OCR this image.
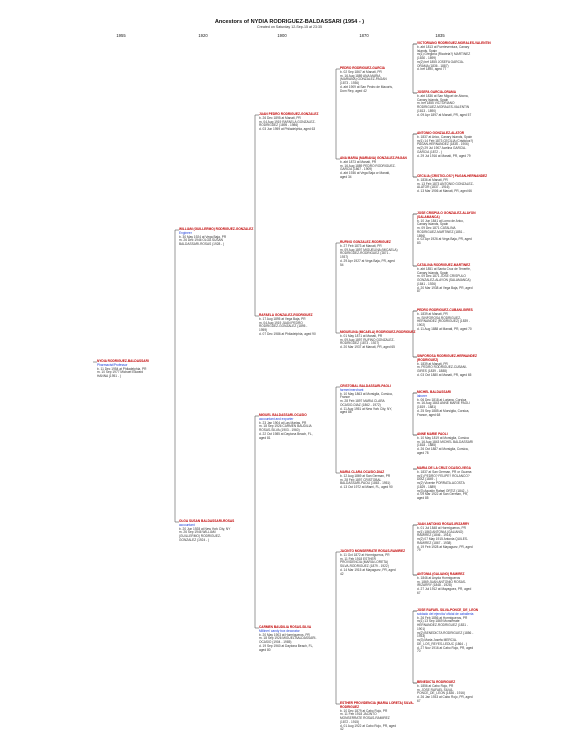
Ancestors of NYDIA RODRIGUEZ-BALDASSARI (1954 - )
Created on Saturday 12-Sep-15 at 23:35
1955	1920	1900	1870	1835
NYDIA RODRIGUEZ-BALDASSARI
Pharmacist/Professor
b. 11 Dec 1954 at Philadelphia, PR
m. 10 Sep 1977 Michael Edward
HANNA (1951 - )
WILLIAM (GUILLERMO) RODRIGUEZ-GONZALEZ
Engineer
b. 30 May 1924 at Vega Baja, PR
m. 26 Dec 1946 OLGA SUSAN
BALDASSARI-ROSAS (1928 - )
OLGA SUSAN BALDASSARI-ROSAS
accountant
b. 20 Jun 1928 at New York City, NY
m. 26 Sep 1946 WILLIAM
(GUILLERMO) RODRIGUEZ-
GONZALEZ (1924 - )
JUAN PEDRO RODRIGUEZ-GONZALEZ
b. 26 Dec 1895 at Manati, PR
m. 04 Aug 1919 RAFAELA GONZALEZ-
RODRIGUEZ (1895 - 1986)
d. 03 Jun 1959 at Philadelphia, aged 63
RAFAELA GONZALEZ-RODRIGUEZ
b. 17 Aug 1895 at Vega Baja, PR
m. 04 Aug 1919 JUAN PEDRO
RODRIGUEZ-GONZALEZ (1895 -
1959)
d. 07 Dec 1986 at Philadelphia, aged 90
MIGUEL BALDASSARI-OCASIO
accountant and exporter
b. 23 Jan 1904 at Las Marias, PR
m. 18 Sep 1926 CARMEN BAUDILIA
ROSAS-SILVA (1903 - 1960)
d. 22 Oct 1985 at Daytona Beach, FL,
aged 81
CARMEN BAUDILIA ROSAS-SILVA
Milliner/ candy box decorator
b. 20 May 1903 at Hormigueros, PR
m. 18 Sep 1926 MIGUEL BALDASSARI-
OCASIO (1904 - 1985)
d. 19 Sep 1960 at Daytona Beach, FL,
aged 80
PEDRO RODRIGUEZ-GARCIA
b. 02 Sep 1867 at Manati, PR
m. 16 Aug 1889 ANA MARIA
(MARIANA) GONZALEZ-PAGAN
(1873 - 1936)
d. abt 1909 at San Pedro de Macoris,
Dom Rep, aged 42
ANA MARIA (MARIANA) GONZALEZ-PAGAN
b. abt 1873 at Manati, PR
m. 16 Aug 1889 PEDRO RODRIGUEZ-
GARCIA (1867 - 1909)
d. abt 1936 at Vega Baja or Manati,
aged 34
RUFINO GONZALEZ-RODRIGUEZ
b. 27 Feb 1873 at Manati, PR
m. 09 Aug 1897 MIGUELINA (MICAELA)
RODRIGUEZ-RODRIGUEZ (1871 -
1937)
d. 29 Apr 1927 at Vega Baja, PR, aged
54
MIGUELINA (MICAELA) RODRIGUEZ-RODRIGUEZ
b. 01 May 1871 at Manati, PR
m. 09 Aug 1897 RUFINO GONZALEZ-
RODRIGUEZ (1873 - 1927)
d. 20 Mar 1937 at Manati, PR, aged 65
CRISTOBAL BALDASSARI-PAOLI
farmer/merchant
b. 10 May 1863 at Morsiglia, Corsica,
France
m. 28 Feb 1897 MARIA CLARA
OCASIO-DIAZ (1862 - 1972)
d. 11 Aug 1951 at New York City, NY,
aged 88
MARIA CLARA OCASIO-DIAZ
b. 12 Aug 1869 at San German, PR
m. 28 Feb 1897 CRISTOBAL
BALDASSARI-PAOLI (1863 - 1951)
d. 13 Oct 1972 at Miami, FL, aged 90
JACINTO MONSERRATE ROSAS-RAMIREZ
b. 11 Oct 1872 at Hormigueros, PR
m. 11 Feb 1918 ESTHER
PROVIDENCIA (MARIA LORETA)
SILVA-RODRIGUEZ (1879 - 1922)
d. 14 Mar 1915 at Mayaguez, PR, aged
42
ESTHER PROVIDENCIA (MARIA LORETA) SILVA-RODRIGUEZ
b. 10 Dec 1879 at Cabo Rojo, PR
m. 11 Feb 1918 JACINTO
MONSERRATE ROSAS-RAMIREZ
(1872 - 1915)
d. 01 Aug 1922 at Cabo Rojo, PR, aged
42
VICTORIANO RODRIGUEZ-MORALES-VALENTIN
b. abt 1813 at Fuerteventura, Canary
Islands, Spain
m(1) Gregoria (Ricoteia?) MARTINEZ
(1830 - 1899)
m(2) bef 1855 JOSEFA GARCIA-
ORAMA (1836 - 1887)
d. bef 1890, aged 77
JOSEFA GARCIA-ORAMA
b. abt 1836 at San Miguel de Abona,
Canary Islands, Spain
m. bef 1855 VICTORIANO
RODRIGUEZ-MORALES-VALENTIN
(1813 - 1890)
d. 09 Apr 1897 at Manati, PR, aged 57
ANTONIO GONZALEZ-ALATOR
b. 1837 at Arico, Canary Islands, Spain
m(1) 14 Feb 1873 CECILIA (Cristiclos?)
PAGAN-HERNANDEZ (1836 - 1906)
m(2) 29 Jul 1907 Acelina GARCIA-
GARCIA (1872 - )
d. 29 Jul 1916 at Manati, PR, aged 79
CECILIA (CRISTICLOS?) PAGAN-HERNANDEZ
b. 1836 at Manati, PR
m. 13 Feb 1873 ANTONIO GONZALEZ-
ALATOR (1837 - 1916)
d. 13 Mar 1906 at Manati, PR, aged 66
JOSE CRISPULO GONZALEZ-ALAYON (SALAMANCA)
b. 10 Jun 1841 at Lomo de Arico,
Canary Islands, Spain
m. 09 Dec 1871 CATALINA
RODRIGUEZ-MARTINEZ (1851 -
1896)
d. 02 Apr 1926 at Vega Baja, PR, aged
83
CATALINA RODRIGUEZ-MARTINEZ
b. abt 1851 at Santa Cruz de Tenerife,
Canary Islands, Spain
m. 09 Dec 1871 JOSE CRISPULO
GONZALEZ-ALAYON (SALAMANCA)
(1841 - 1926)
d. 20 Mar 1938 at Vega Baja, PR, aged
87
PEDRO RODRIGUEZ-CUBANI-GIRES
b. 1839 at Manati, PR
m. SINFOROSA RODRIGUEZ-
HERNANDEZ (RODRIGUEZ) (1839 -
1902)
d. 11 Aug 1888 at Manati, PR, aged 70
SINFOROSA RODRIGUEZ-HERNANDEZ (RODRIGUEZ)
b. 1839 at Manati, PR
m. PEDRO RODRIGUEZ-CUBANI-
GIRES (1839 - 1888)
d. 03 Oct 1880 at Manati, PR, aged 65
MICHEL BALDASSARI
laborer
b. 06 Dec 1818 at Luriana, Corsica
m. 16 Aug 1843 ANNE MARIE PAOLI
(1819 - 1881)
d. 25 Sep 1885 at Morsiglia, Corsica,
France, aged 68
ANNE MARIE PAOLI
b. 10 May 1819 at Morsiglia, Corsica
m. 16 Aug 1843 MICHEL BALDASSARI
(1818 - 1885)
d. 26 Oct 1887 at Morsiglia, Corsica,
aged 78
MARIA DE LA CRUZ OCASIO-VEGA
b. 1837 at San German, PR or Guama
m(1) PEDRO? FELIPE? ROLANCO?
DIAZ (1849 - )
m(2) Vicente PORRATA-ACOSTA
(1829 - 1889)
m(3) Agustin Rafael ORTIZ (1842 - )
d. 09 Mar 1922 at San German, PR,
aged 85
JUAN ANTONIO ROSAS-IRIZARRY
b. 01 Jul 1848 at Hormigueros, PR
m(1) 1863 ANTONIA (GALIANO)
RAMIREZ (1846 - 1914)
m(2) 07 May 1915 Antonia QUILES-
RAMIREZ (1867 - 1938)
d. 19 Feb 1928 at Mayaguez, PR, aged
79
ANTONIA (GALIANO) RAMIREZ
b. 1846 at Anyda Hormigueros
m. 1869 JUAN ANTONIO ROSAS-
IRIZARRY (1848 - 1928)
d. 27 Jul 1912 at Mayaguez, PR, aged
67
JOSE RAFAEL SILVA-PONCE_DE_LEON
soldado del ejercito/ oficial de caballeria
b. 26 Feb 1856 at Hormigueros, PR
m(1) 13 Sep 1869 Monserrate
HERNANDEZ-RODRIGUEZ (1831 -
1901)
m(2) BENEDICTA RODRIGUEZ (1856 -
1933)
m(3) Maria Josefa MERCIA-
DE_LOS_REYES-LEDUC (1864 - )
d. 27 Nov 1916 at Cabo Rojo, PR, aged
70
BENEDICTA RODRIGUEZ
b. 1856 at Cabo Rojo, PR
m. JOSE RAFAEL SILVA-
PONCE_DE_LEON (1836 - 1916)
d. 26 Jan 1933 at Cabo Rojo, PR, aged
67
